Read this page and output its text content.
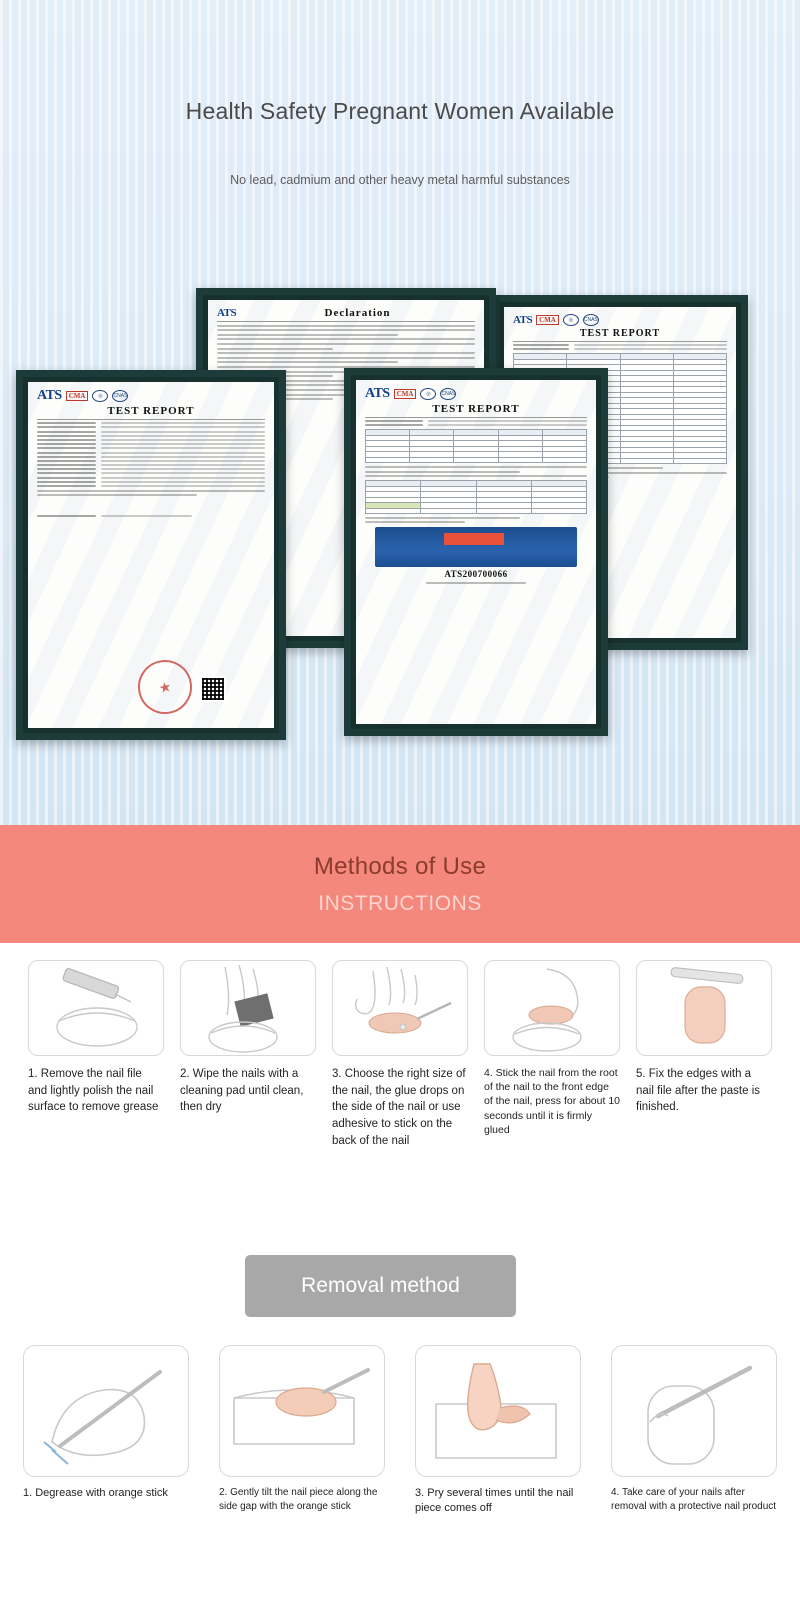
Health Safety Pregnant Women Available
No lead, cadmium and other heavy metal harmful substances
ATS	Declaration
ATS	CMA	◎	CNAS
TEST REPORT

ATS	CMA	◎	CNAS
TEST REPORT
★
ATS	CMA	◎	CNAS
TEST REPORT

ATS200700066
Methods of Use
INSTRUCTIONS
1. Remove the nail file and lightly polish the nail surface to remove grease
2. Wipe the nails with a cleaning pad until clean, then dry
3. Choose the right size of the nail, the glue drops on the side of the nail or use adhesive to stick on the back of the nail
4. Stick the nail from the root of the nail to the front edge of the nail, press for about 10 seconds until it is firmly glued
5. Fix the edges with a nail file after the paste is finished.
Removal method
1. Degrease with orange stick	2. Gently tilt the nail piece along the side gap with the orange stick
3. Pry several times until the nail piece comes off
4. Take care of your nails after removal with a protective nail product
